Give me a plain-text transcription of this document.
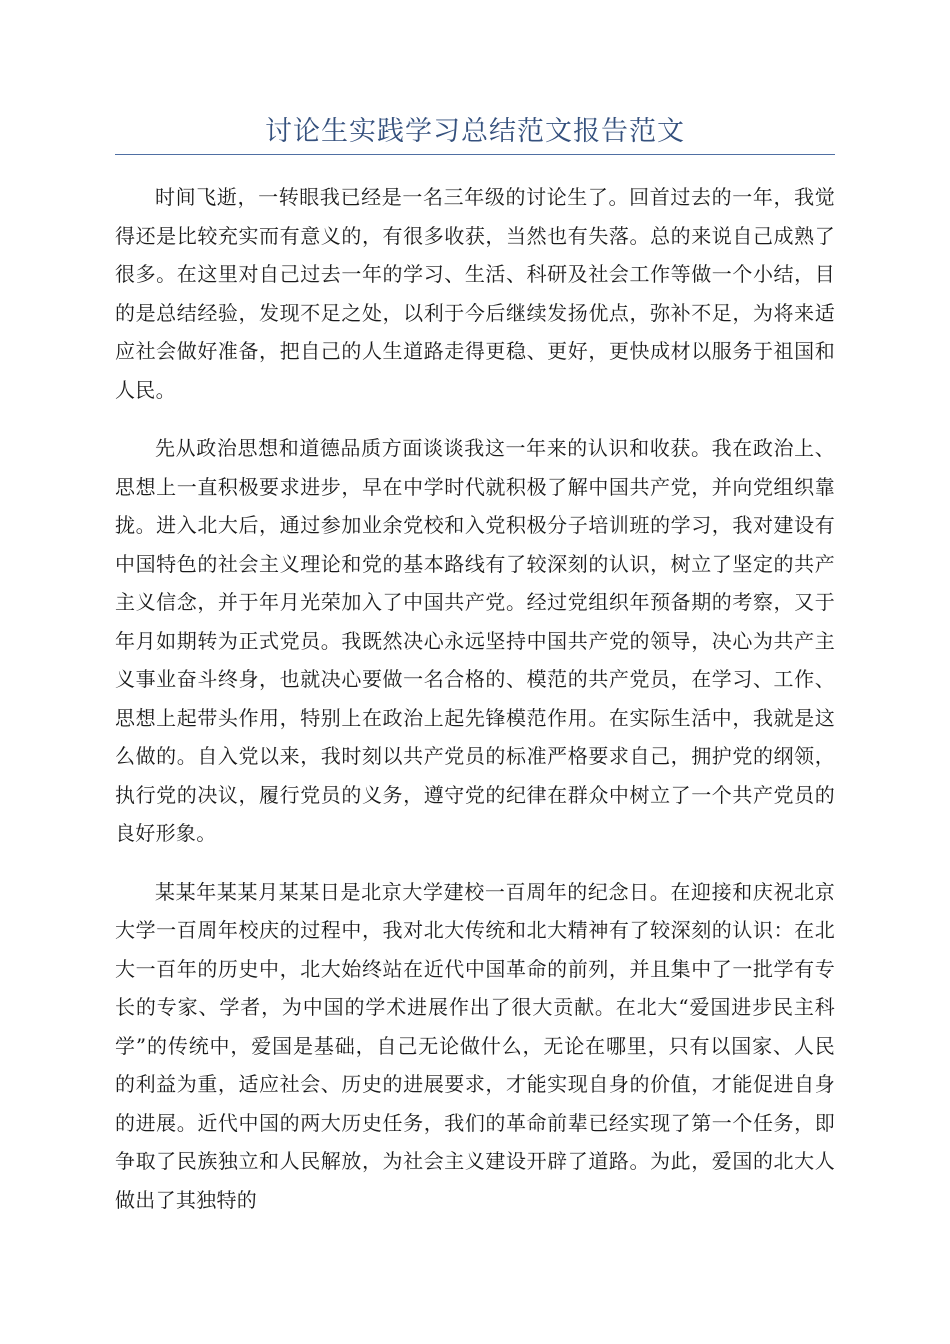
讨论生实践学习总结范文报告范文

时间飞逝，一转眼我已经是一名三年级的讨论生了。回首过去的一年，我觉得还是比较充实而有意义的，有很多收获，当然也有失落。总的来说自己成熟了很多。在这里对自己过去一年的学习、生活、科研及社会工作等做一个小结，目的是总结经验，发现不足之处，以利于今后继续发扬优点，弥补不足，为将来适应社会做好准备，把自己的人生道路走得更稳、更好，更快成材以服务于祖国和人民。

先从政治思想和道德品质方面谈谈我这一年来的认识和收获。我在政治上、思想上一直积极要求进步，早在中学时代就积极了解中国共产党，并向党组织靠拢。进入北大后，通过参加业余党校和入党积极分子培训班的学习，我对建设有中国特色的社会主义理论和党的基本路线有了较深刻的认识，树立了坚定的共产主义信念，并于年月光荣加入了中国共产党。经过党组织年预备期的考察，又于年月如期转为正式党员。我既然决心永远坚持中国共产党的领导，决心为共产主义事业奋斗终身，也就决心要做一名合格的、模范的共产党员，在学习、工作、思想上起带头作用，特别上在政治上起先锋模范作用。在实际生活中，我就是这么做的。自入党以来，我时刻以共产党员的标准严格要求自己，拥护党的纲领，执行党的决议，履行党员的义务，遵守党的纪律在群众中树立了一个共产党员的良好形象。

某某年某某月某某日是北京大学建校一百周年的纪念日。在迎接和庆祝北京大学一百周年校庆的过程中，我对北大传统和北大精神有了较深刻的认识：在北大一百年的历史中，北大始终站在近代中国革命的前列，并且集中了一批学有专长的专家、学者，为中国的学术进展作出了很大贡献。在北大“爱国进步民主科学”的传统中，爱国是基础，自己无论做什么，无论在哪里，只有以国家、人民的利益为重，适应社会、历史的进展要求，才能实现自身的价值，才能促进自身的进展。近代中国的两大历史任务，我们的革命前辈已经实现了第一个任务，即争取了民族独立和人民解放，为社会主义建设开辟了道路。为此，爱国的北大人做出了其独特的
